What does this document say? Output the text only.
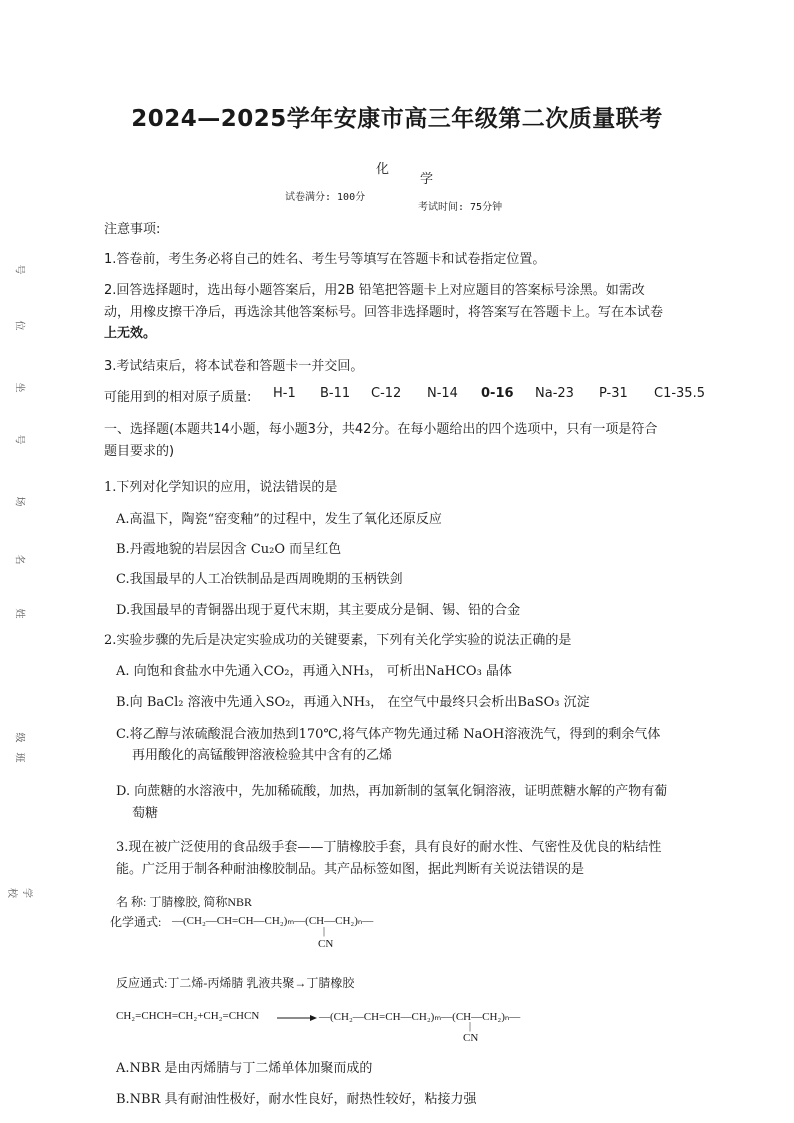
2024—2025学年安康市高三年级第二次质量联考
化
学
试卷满分: 100分
考试时间: 75分钟
号
位
坐
号
场
名
姓
级
班
学 校
注意事项:
1.答卷前，考生务必将自己的姓名、考生号等填写在答题卡和试卷指定位置。
2.回答选择题时，选出每小题答案后，用2B 铅笔把答题卡上对应题目的答案标号涂黑。如需改
动，用橡皮擦干净后，再选涂其他答案标号。回答非选择题时，将答案写在答题卡上。写在本试卷
上无效。
3.考试结束后，将本试卷和答题卡一并交回。
可能用到的相对原子质量: H-1 B-11 C-12 N-14 0-16 Na-23 P-31 C1-35.5
一、选择题(本题共14小题，每小题3分，共42分。在每小题给出的四个选项中，只有一项是符合
题目要求的)
1.下列对化学知识的应用，说法错误的是
A.高温下，陶瓷“窑变釉”的过程中，发生了氧化还原反应
B.丹霞地貌的岩层因含 Cu₂O 而呈红色
C.我国最早的人工冶铁制品是西周晚期的玉柄铁剑
D.我国最早的青铜器出现于夏代末期，其主要成分是铜、锡、铅的合金
2.实验步骤的先后是决定实验成功的关键要素，下列有关化学实验的说法正确的是
A. 向饱和食盐水中先通入CO₂，再通入NH₃， 可析出NaHCO₃ 晶体
B.向 BaCl₂ 溶液中先通入SO₂，再通入NH₃， 在空气中最终只会析出BaSO₃ 沉淀
C.将乙醇与浓硫酸混合液加热到170℃,将气体产物先通过稀 NaOH溶液洗气，得到的剩余气体
再用酸化的高锰酸钾溶液检验其中含有的乙烯
D. 向蔗糖的水溶液中，先加稀硫酸，加热，再加新制的氢氧化铜溶液，证明蔗糖水解的产物有葡
萄糖
3.现在被广泛使用的食品级手套——丁腈橡胶手套，具有良好的耐水性、气密性及优良的粘结性
能。广泛用于制各种耐油橡胶制品。其产品标签如图，据此判断有关说法错误的是
名 称: 丁腈橡胶, 简称NBR
化学通式: —(CH₂—CH=CH—CH₂)ₘ—(CH—CH₂)ₙ—
|
CN
反应通式:丁二烯-丙烯腈 乳液共聚→丁腈橡胶
CH₂=CHCH=CH₂+CH₂=CHCN → —(CH₂—CH=CH—CH₂)ₘ—(CH—CH₂)ₙ—
|
CN
A.NBR 是由丙烯腈与丁二烯单体加聚而成的
B.NBR 具有耐油性极好，耐水性良好，耐热性较好，粘接力强
